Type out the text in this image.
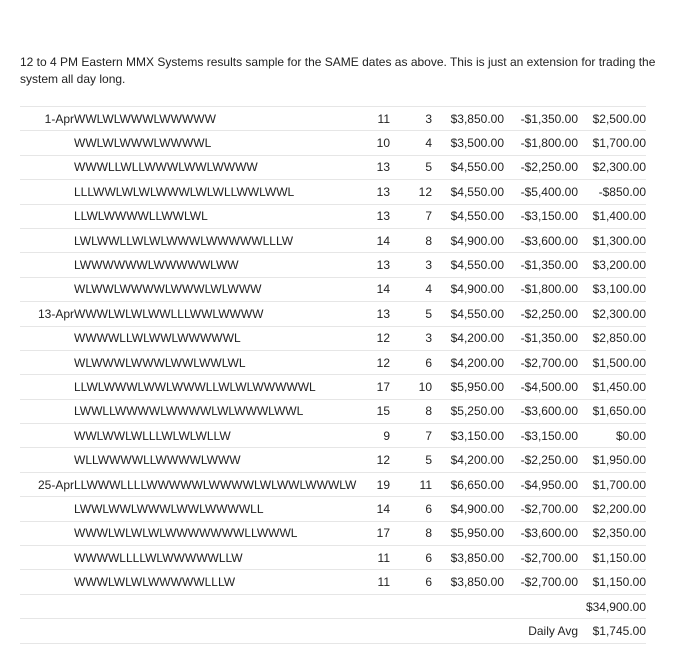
12 to 4 PM Eastern MMX Systems results sample for the SAME dates as above. This is just an extension for trading the system all day long.

1-Apr	WWLWLWWWLWWWWW	11	3	$3,850.00	-$1,350.00	$2,500.00
	WWLWLWWWLWWWWL	10	4	$3,500.00	-$1,800.00	$1,700.00
	WWWLLWLLWWWLWWLWWWW	13	5	$4,550.00	-$2,250.00	$2,300.00
	LLLWWLWLWLWWWLWLWLLWWLWWL	13	12	$4,550.00	-$5,400.00	-$850.00
	LLWLWWWWLLWWLWL	13	7	$4,550.00	-$3,150.00	$1,400.00
	LWLWWLLWLWLWWWLWWWWWLLLW	14	8	$4,900.00	-$3,600.00	$1,300.00
	LWWWWWWLWWWWWLWW	13	3	$4,550.00	-$1,350.00	$3,200.00
	WLWWLWWWWLWWWLWLWWW	14	4	$4,900.00	-$1,800.00	$3,100.00
13-Apr	WWWLWLWLWWLLLWWLWWWW	13	5	$4,550.00	-$2,250.00	$2,300.00
	WWWWLLWLWWLWWWWWL	12	3	$4,200.00	-$1,350.00	$2,850.00
	WLWWWLWWWLWWLWWLWL	12	6	$4,200.00	-$2,700.00	$1,500.00
	LLWLWWWLWWLWWWLLWLWLWWWWWL	17	10	$5,950.00	-$4,500.00	$1,450.00
	LWWLLWWWWLWWWWLWLWWWLWWL	15	8	$5,250.00	-$3,600.00	$1,650.00
	WWLWWLWLLLWLWLWLLW	9	7	$3,150.00	-$3,150.00	$0.00
	WLLWWWWLLWWWWLWWW	12	5	$4,200.00	-$2,250.00	$1,950.00
25-Apr	LLWWWLLLLWWWWWLWWWWLWLWWLWWWLW	19	11	$6,650.00	-$4,950.00	$1,700.00
	LWWLWWLWWWLWWLWWWWLL	14	6	$4,900.00	-$2,700.00	$2,200.00
	WWWLWLWLWLWWWWWWWLLWWWL	17	8	$5,950.00	-$3,600.00	$2,350.00
	WWWWLLLLWLWWWWWLLW	11	6	$3,850.00	-$2,700.00	$1,150.00
	WWWLWLWLWWWWWLLLW	11	6	$3,850.00	-$2,700.00	$1,150.00
						$34,900.00
					Daily Avg	$1,745.00
